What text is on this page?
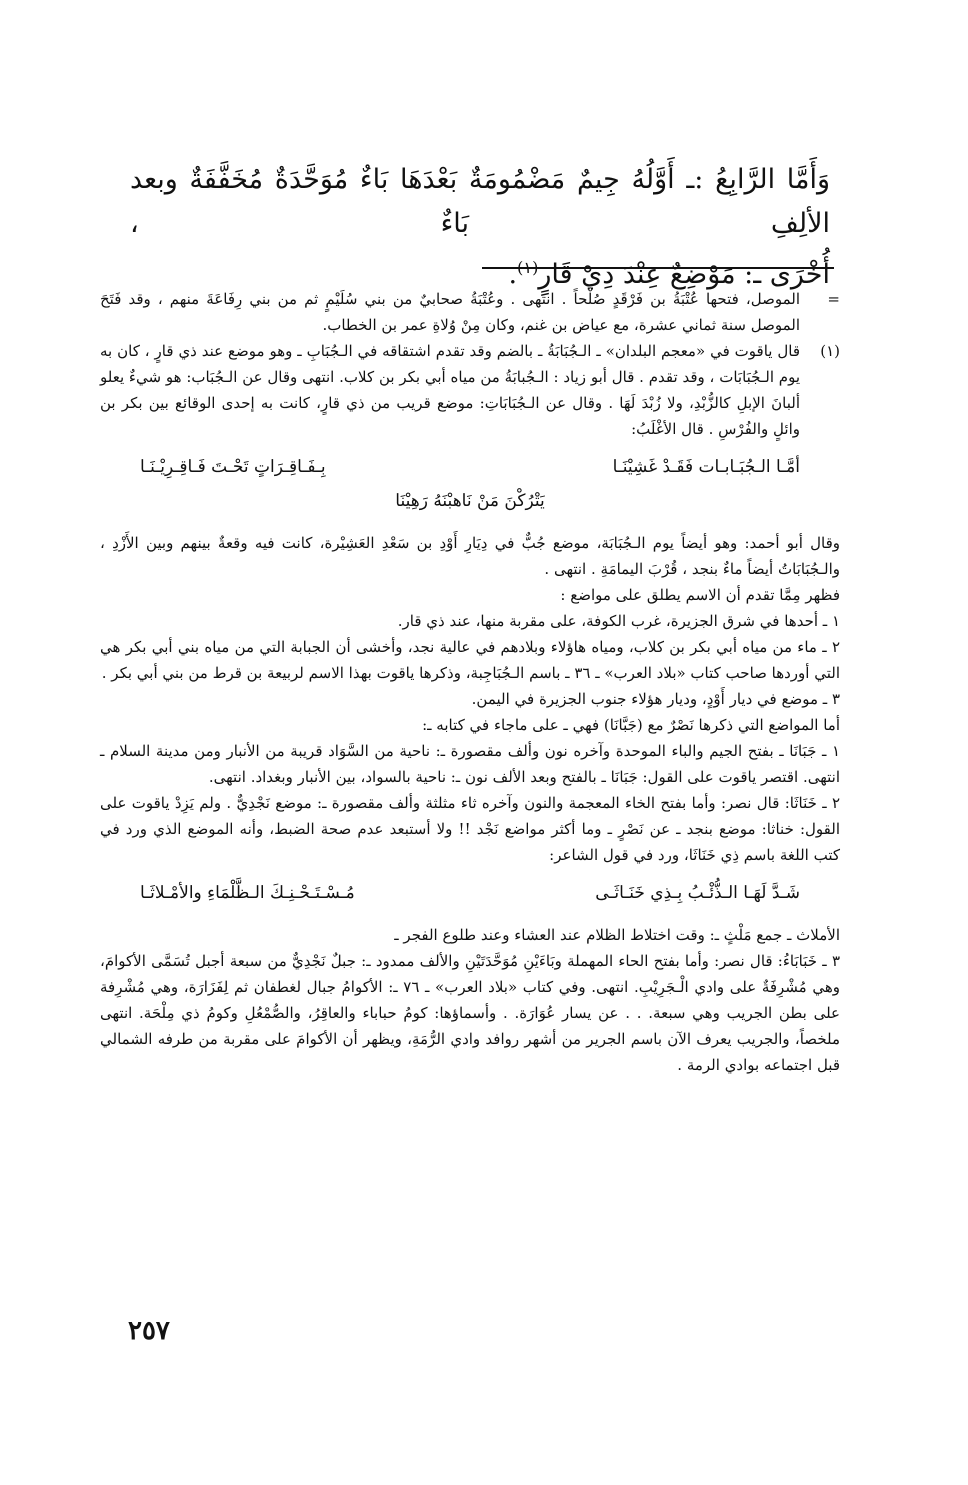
وَأَمَّا الرَّابِعُ :ـ أَوَّلُهُ جِيمٌ مَضْمُومَةٌ بَعْدَهَا بَاءٌ مُوَحَّدَةٌ مُخَفَّفَةٌ وبعد الألِفِ بَاءٌ ،

أُخْرَى ـ: مَوْضِعٌ عِنْدَ ذِيْ قَارٍ$^{(١)}$.

=

الموصل، فتحها عُتْبَةُ بن فَرْقَدٍ صُلْحاً . انتهى . وعُتْبَةُ صحابيٌ من بني سُلَيْمٍ ثم من بني رِفَاعَةَ منهم ، وقد فَتَحَ الموصل سنة ثماني عشرة، مع عياض بن غنم، وكان مِنْ وُلاةِ عمر بن الخطاب.

(١)

قال ياقوت في «معجم البلدان» ـ الـجُبَابَةُ ـ بالضم وقد تقدم اشتقاقه في الـجُبَابِ ـ وهو موضع عند ذي قارٍ ، كان به يوم الـجُبَابَات ، وقد تقدم . قال أبو زياد : الـجُبابَةُ من مياه أبي بكر بن كلاب. انتهى وقال عن الـجُبَاب: هو شيءٌ يعلو ألبانَ الإبلِ كالزُّبْدِ، ولا زُبْدَ لَهَا . وقال عن الـجُبَابَاتِ: موضع قريب من ذي قارٍ، كانت به إحدى الوقائع بين بكر بن وائلٍ والفُرْسِ . قال الأغْلَبُ:

أمَّـا الـجُبَـابـات فَقَـدْ غَشِيْنَـا
بِـفَـاقِـرَاتٍ تَحْـتَ فَـاقِـرِيْـنَـا
يَتْرُكْنَ مَنْ نَاهبْنَهُ رَهِيْنَا

وقال أبو أحمد: وهو أيضاً يوم الـجُبَابَة، موضع جُبٌّ في دِيَارِ أَوْدِ بن سَعْدِ العَشِيْرة، كانت فيه وقعةٌ بينهم وبين الأَزْدِ ، والـجُبَابَاتُ أيضاً ماءٌ بنجد ، قُرْبَ اليمامَةِ . انتهى .

فظهر مِمَّا تقدم أن الاسم يطلق على مواضع :

١ ـ أحدها في شرق الجزيرة، غرب الكوفة، على مقربة منها، عند ذي قار.

٢ ـ ماء من مياه أبي بكر بن كلاب، ومياه هاؤلاء وبلادهم في عالية نجد، وأخشى أن الجبابة التي من مياه بني أبي بكر هي التي أوردها صاحب كتاب «بلاد العرب» ـ ٣٦ ـ باسم الـجُبَاجِبة، وذكرها ياقوت بهذا الاسم لربيعة بن قرط من بني أبي بكر .

٣ ـ موضع في ديار أَوْدٍ، وديار هؤلاء جنوب الجزيرة في اليمن.

أما المواضع التي ذكرها نَصْرٌ مع (جَبَّانَا) فهي ـ على ماجاء في كتابه ـ:

١ ـ جَبَانَا ـ بفتح الجيم والباء الموحدة وآخره نون وألف مقصورة ـ: ناحية من السَّوَاد قريبة من الأنبار ومن مدينة السلام ـ انتهى. اقتصر ياقوت على القول: جَبَانَا ـ بالفتح وبعد الألف نون ـ: ناحية بالسواد، بين الأنبار وبغداد. انتهى.

٢ ـ خَنَاثَا: قال نصر: وأما بفتح الخاء المعجمة والنون وآخره ثاء مثلثة وألف مقصورة ـ: موضع نَجْدِيٌّ . ولم يَزِدْ ياقوت على القول: خناثا: موضع بنجد ـ عن نَصْرٍ ـ وما أكثر مواضع نَجْد !! ولا أستبعد عدم صحة الضبط، وأنه الموضع الذي ورد في كتب اللغة باسم ذِي خَنَاثَا، ورد في قول الشاعر:

شَـدَّ لَهَـا الـذُّئْـبُ بِـذِي خَنَـاثَـى
مُـسْـتَـحْـنِـكَ الـظَّلْمَاءِ والأمْـلاثَـا

الأملاث ـ جمع مَلْثٍ ـ: وقت اختلاط الظلام عند العشاء وعند طلوع الفجر ـ

٣ ـ خَبَابَاءُ: قال نصر: وأما بفتح الحاء المهملة وبَاءَيْنِ مُوَحَّدَتَيْنِ والألف ممدود ـ: جبلٌ نَجْدِيٌّ من سبعة أجبل تُسَمَّى الأكوامَ، وهي مُشْرِفَةٌ على وادي الْـجَرِيْبِ. انتهى. وفي كتاب «بلاد العرب» ـ ٧٦ ـ: الأكوامُ جبال لغطفان ثم لِفَزَارَة، وهي مُشْرِفة على بطن الجريب وهي سبعة. . . عن يسار عُوَارَة. . وأسماؤها: كومُ حباباء والعاقِرُ، والصُّمْعُلِ وكومُ ذي مِلْحَة. انتهى ملخصاً، والجريب يعرف الآن باسم الجرير من أشهر روافد وادي الرُّمَةِ، ويظهر أن الأكوامَ على مقربة من طرفه الشمالي قبل اجتماعه بوادي الرمة .

٢٥٧
